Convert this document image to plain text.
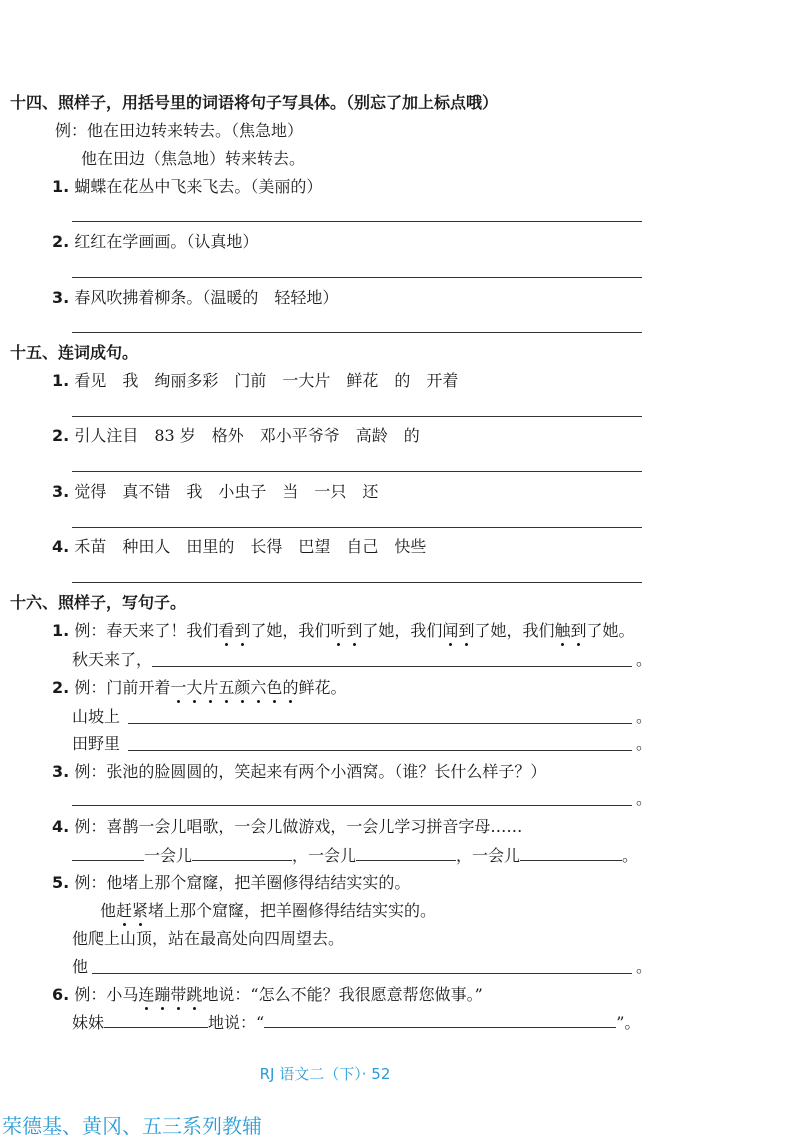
十四、照样子，用括号里的词语将句子写具体。（别忘了加上标点哦）
例：他在田边转来转去。（焦急地）
他在田边（焦急地）转来转去。
1. 蝴蝶在花丛中飞来飞去。（美丽的）
2. 红红在学画画。（认真地）
3. 春风吹拂着柳条。（温暖的　轻轻地）
十五、连词成句。
1. 看见　我　绚丽多彩　门前　一大片　鲜花　的　开着
2. 引人注目　83 岁　格外　邓小平爷爷　高龄　的
3. 觉得　真不错　我　小虫子　当　一只　还
4. 禾苗　种田人　田里的　长得　巴望　自己　快些
十六、照样子，写句子。
1. 例：春天来了！我们看到了她，我们听到了她，我们闻到了她，我们触到了她。
秋天来了，	。
2. 例：门前开着一大片五颜六色的鲜花。
山坡上	。
田野里	。
3. 例：张池的脸圆圆的，笑起来有两个小酒窝。（谁？长什么样子？）
。
4. 例：喜鹊一会儿唱歌，一会儿做游戏，一会儿学习拼音字母……
一会儿	，一会儿	，一会儿	。
5. 例：他堵上那个窟窿，把羊圈修得结结实实的。
他赶紧堵上那个窟窿，把羊圈修得结结实实的。
他爬上山顶，站在最高处向四周望去。
他	。
6. 例：小马连蹦带跳地说：“怎么不能？我很愿意帮您做事。”
妹妹	地说：“	”。
RJ 语文二（下）· 52
荣德基、黄冈、五三系列教辅
